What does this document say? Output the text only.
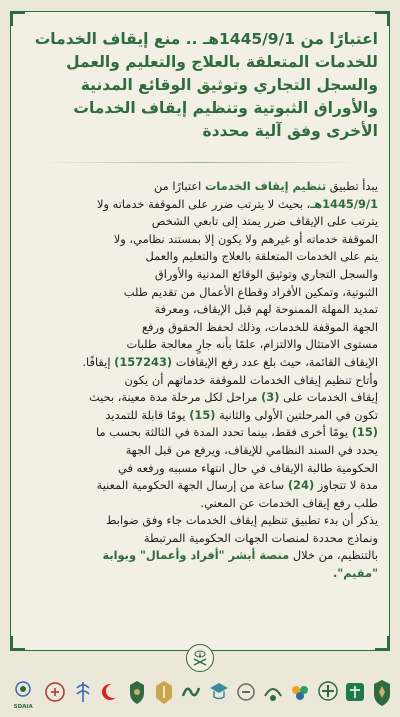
اعتبارًا من 1445/9/1هـ .. منع إيقاف الخدمات
للخدمات المتعلقة بالعلاج والتعليم والعمل
والسجل التجاري وتوثيق الوقائع المدنية
والأوراق الثبوتية وتنظيم إيقاف الخدمات
الأخرى وفق آلية محددة

يبدأ تطبيق تنظيم إيقاف الخدمات اعتبارًا من
1445/9/1هـ، بحيث لا يترتب ضرر على الموقفة خدماته ولا
يترتب على الإيقاف ضرر يمتد إلى تابعي الشخص
الموقفة خدماته أو غيرهم ولا يكون إلا بمستند نظامي، ولا
يتم على الخدمات المتعلقة بالعلاج والتعليم والعمل
والسجل التجاري وتوثيق الوقائع المدنية والأوراق
الثبوتية، وتمكين الأفراد وقطاع الأعمال من تقديم طلب
تمديد المهلة الممنوحة لهم قبل الإيقاف، ومعرفة
الجهة الموقفة للخدمات، وذلك لحفظ الحقوق ورفع
مستوى الامتثال والالتزام، علمًا بأنه جارٍ معالجة طلبات
الإيقاف القائمة، حيث بلغ عدد رفع الإيقافات (157243) إيقافًا.

وأتاح تنظيم إيقاف الخدمات للموقفة خدماتهم أن يكون
إيقاف الخدمات على (3) مراحل لكل مرحلة مدة معينة، بحيث
تكون في المرحلتين الأولى والثانية (15) يومًا قابلة للتمديد
(15) يومًا أخرى فقط، بينما تحدد المدة في الثالثة بحسب ما
يحدد في السند النظامي للإيقاف، ويرفع من قبل الجهة
الحكومية طالبة الإيقاف في حال انتهاء مسببه ورفعه في
مدة لا تتجاوز (24) ساعة من إرسال الجهة الحكومية المعنية
طلب رفع إيقاف الخدمات عن المعني.

يذكر أن بدء تطبيق تنظيم إيقاف الخدمات جاء وفق ضوابط
ونماذج محددة لمنصات الجهات الحكومية المرتبطة
بالتنظيم، من خلال منصة أبشر "أفراد وأعمال" وبوابة
"مقيم".

SDAIA
